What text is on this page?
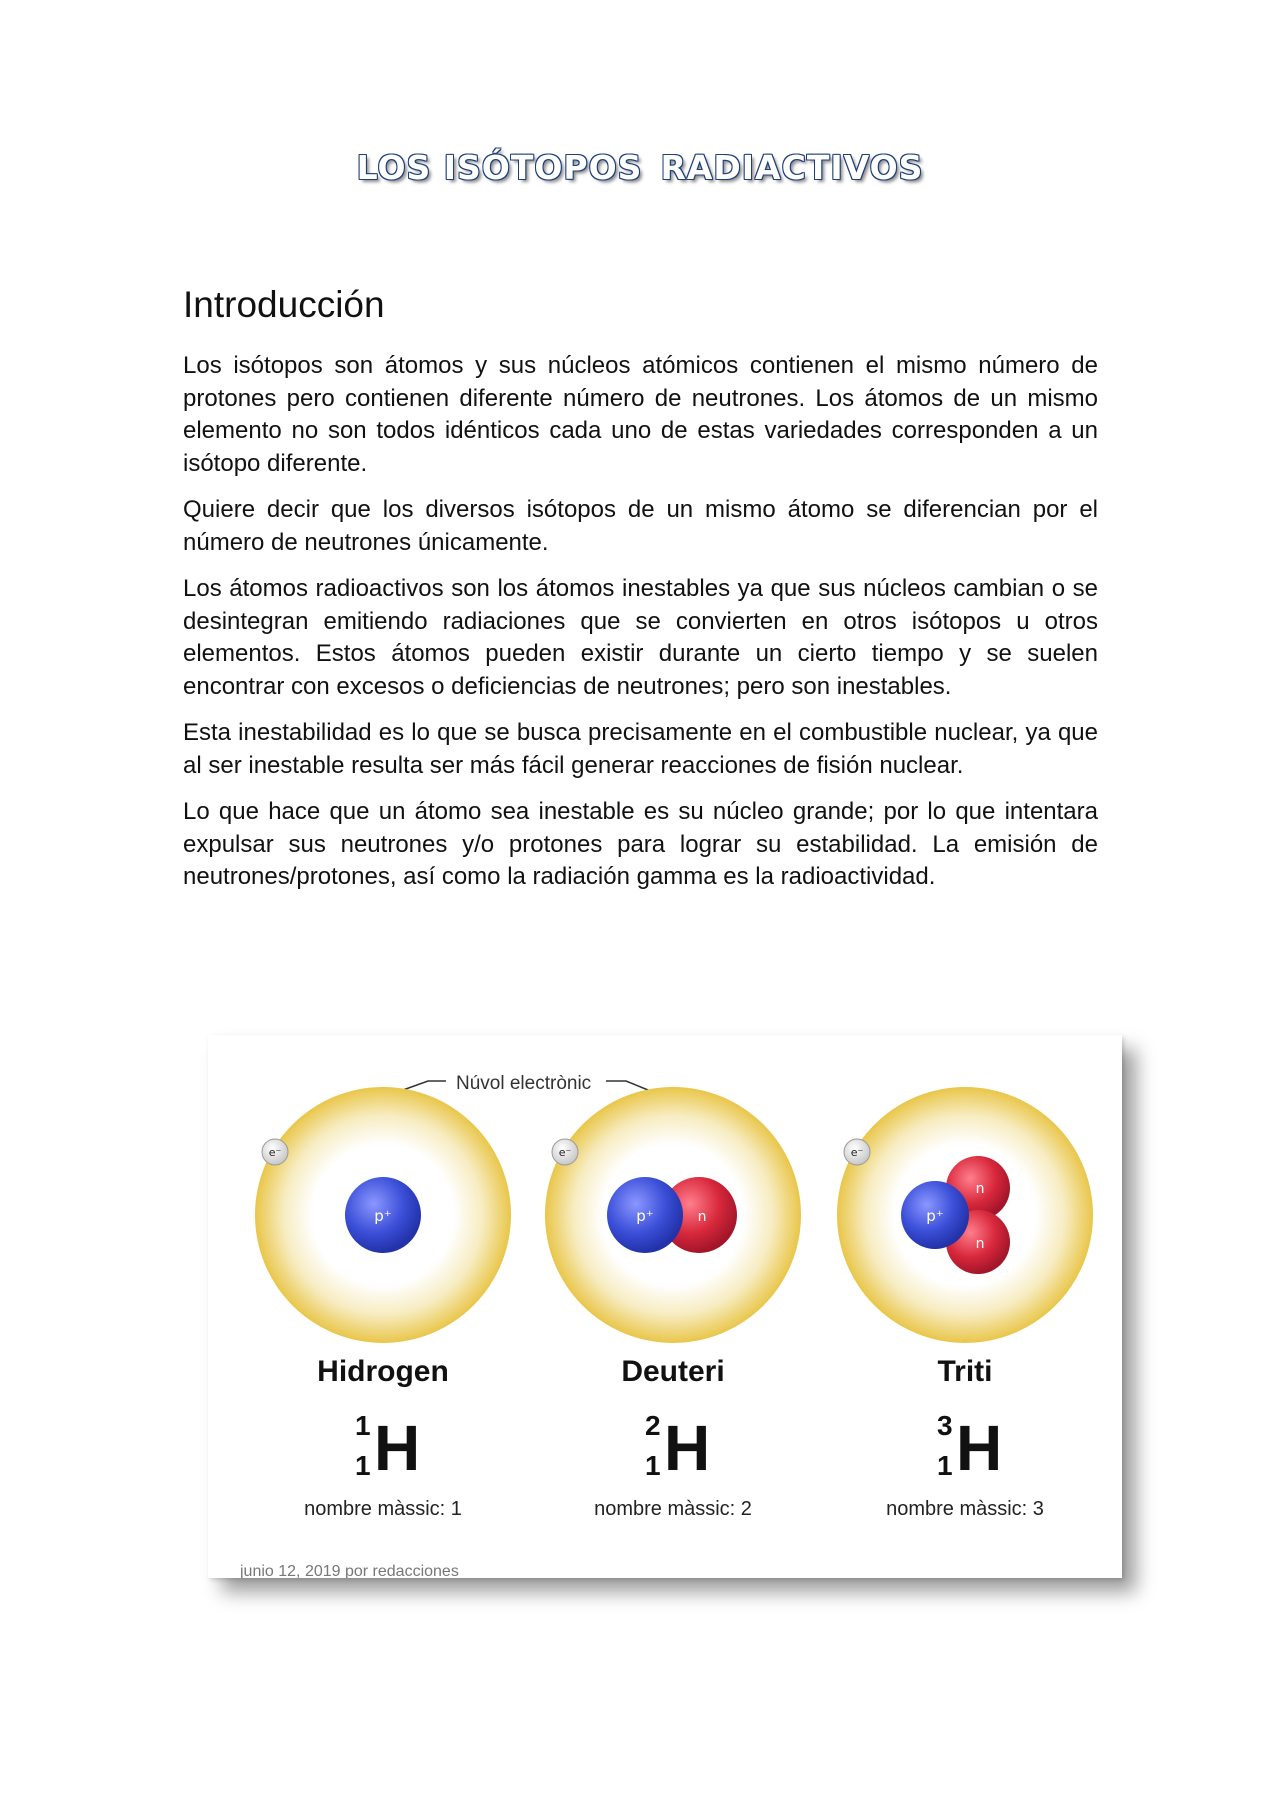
LOS ISÓTOPOS RADIACTIVOS
Introducción

Los isótopos son átomos y sus núcleos atómicos contienen el mismo número de protones pero contienen diferente número de neutrones. Los átomos de un mismo elemento no son todos idénticos cada uno de estas variedades corresponden a un isótopo diferente.

Quiere decir que los diversos isótopos de un mismo átomo se diferencian por el número de neutrones únicamente.

Los átomos radioactivos son los átomos inestables ya que sus núcleos cambian o se desintegran emitiendo radiaciones que se convierten en otros isótopos u otros elementos. Estos átomos pueden existir durante un cierto tiempo y se suelen encontrar con excesos o deficiencias de neutrones; pero son inestables.

Esta inestabilidad es lo que se busca precisamente en el combustible nuclear, ya que al ser inestable resulta ser más fácil generar reacciones de fisión nuclear.

Lo que hace que un átomo sea inestable es su núcleo grande; por lo que intentara expulsar sus neutrones y/o protones para lograr su estabilidad. La emisión de neutrones/protones, así como la radiación gamma es la radioactividad.

p⁺
e⁻
p⁺	n
e⁻
p⁺
n
n
e⁻
Núvol electrònic
Hidrogen	Deuteri	Triti
1
1 H	2
1 H	3
1 H
nombre màssic: 1	nombre màssic: 2	nombre màssic: 3
junio 12, 2019 por redacciones
